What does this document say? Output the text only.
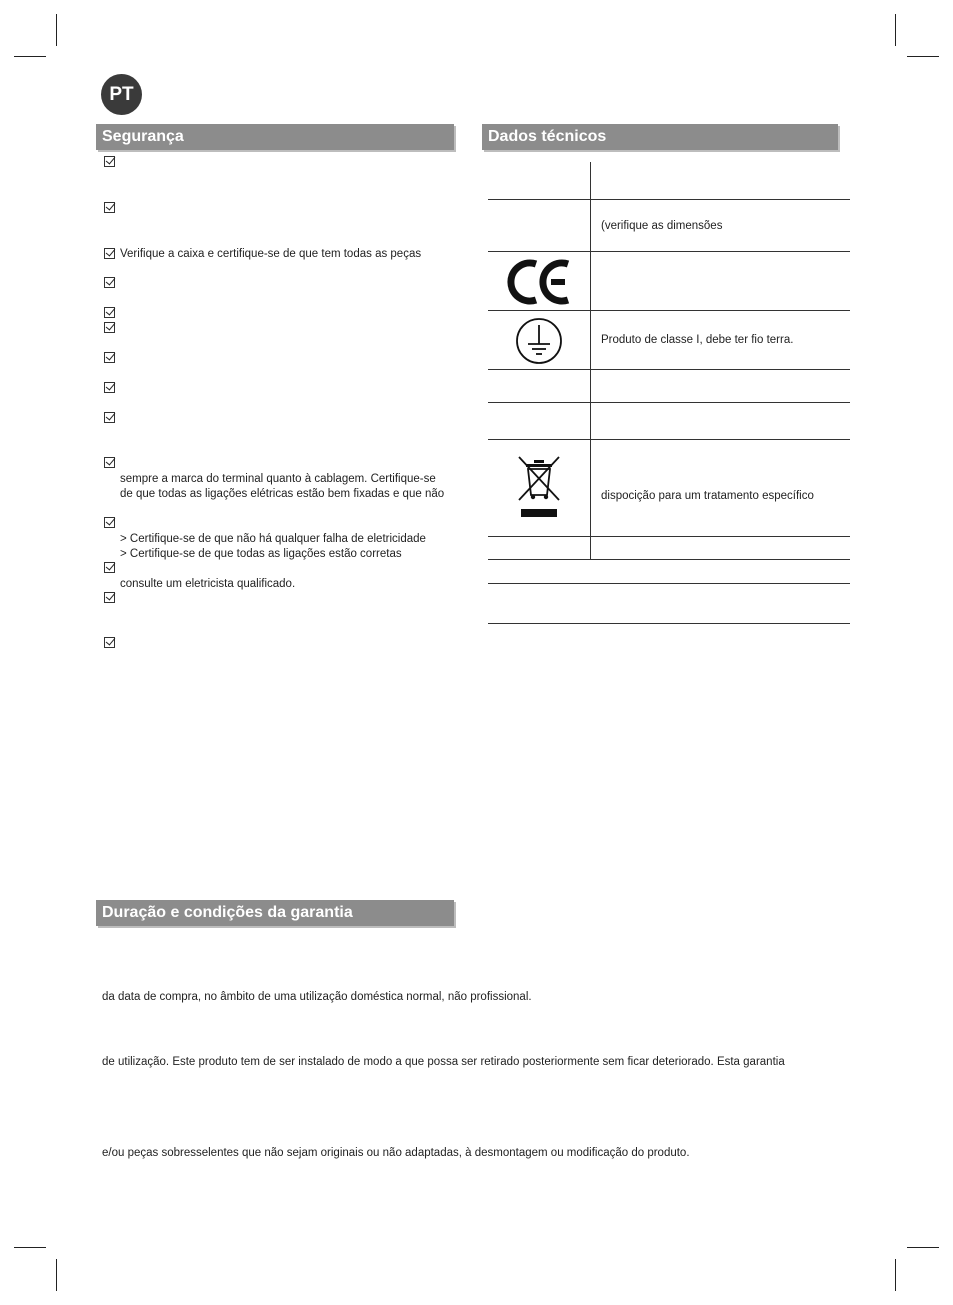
PT
Segurança
Verifique a caixa e certifique-se de que tem todas as peças
sempre a marca do terminal quanto à cablagem. Certifique-se
de que todas as ligações elétricas estão bem fixadas e que não
> Certifique-se de que não há qualquer falha de eletricidade
> Certifique-se de que todas as ligações estão corretas
consulte um eletricista qualificado.
Dados técnicos
(verifique as dimensões
Produto de classe I, debe ter fio terra.
dispocição para um tratamento específico
Duração e condições da garantia
da data de compra, no âmbito de uma utilização doméstica normal, não profissional.
de utilização. Este produto tem de ser instalado de modo a que possa ser retirado posteriormente sem ficar deteriorado. Esta garantia
e/ou peças sobresselentes que não sejam originais ou não adaptadas, à desmontagem ou modificação do produto.
